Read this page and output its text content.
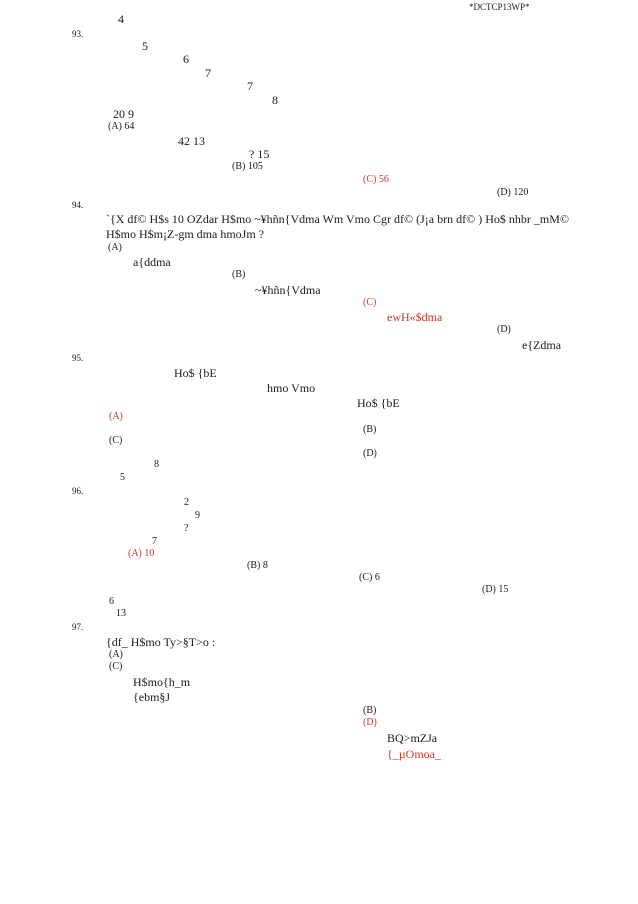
*DCTCP13WP*
4
93.
5
6
7
7
8
20 9
(A) 64
42 13
? 15
(B) 105
(C) 56
(D) 120
94.
`{X df© H$s 10 OZdar H$mo ~¥hñn{Vdma Wm Vmo Cgr df© (J¡a brn df© ) Ho$ nhbr _mM©
H$mo H$m¡Z-gm dma hmoJm ?
(A)
a{ddma
(B)
~¥hñn{Vdma
(C)
ewH«$dma
(D)
e{Zdma
95.
Ho$ {bE
hmo Vmo
Ho$ {bE
(A)
(B)
(C)
(D)
8
5
96.
2
9
?
7
(A) 10
(B) 8
(C) 6
(D) 15
6
13
97.
{df_ H$mo Ty>§T>o :
(A)
(C)
H$mo{h_m
{ebm§J
(B)
(D)
BQ>mZJa
{_µOmoa_
